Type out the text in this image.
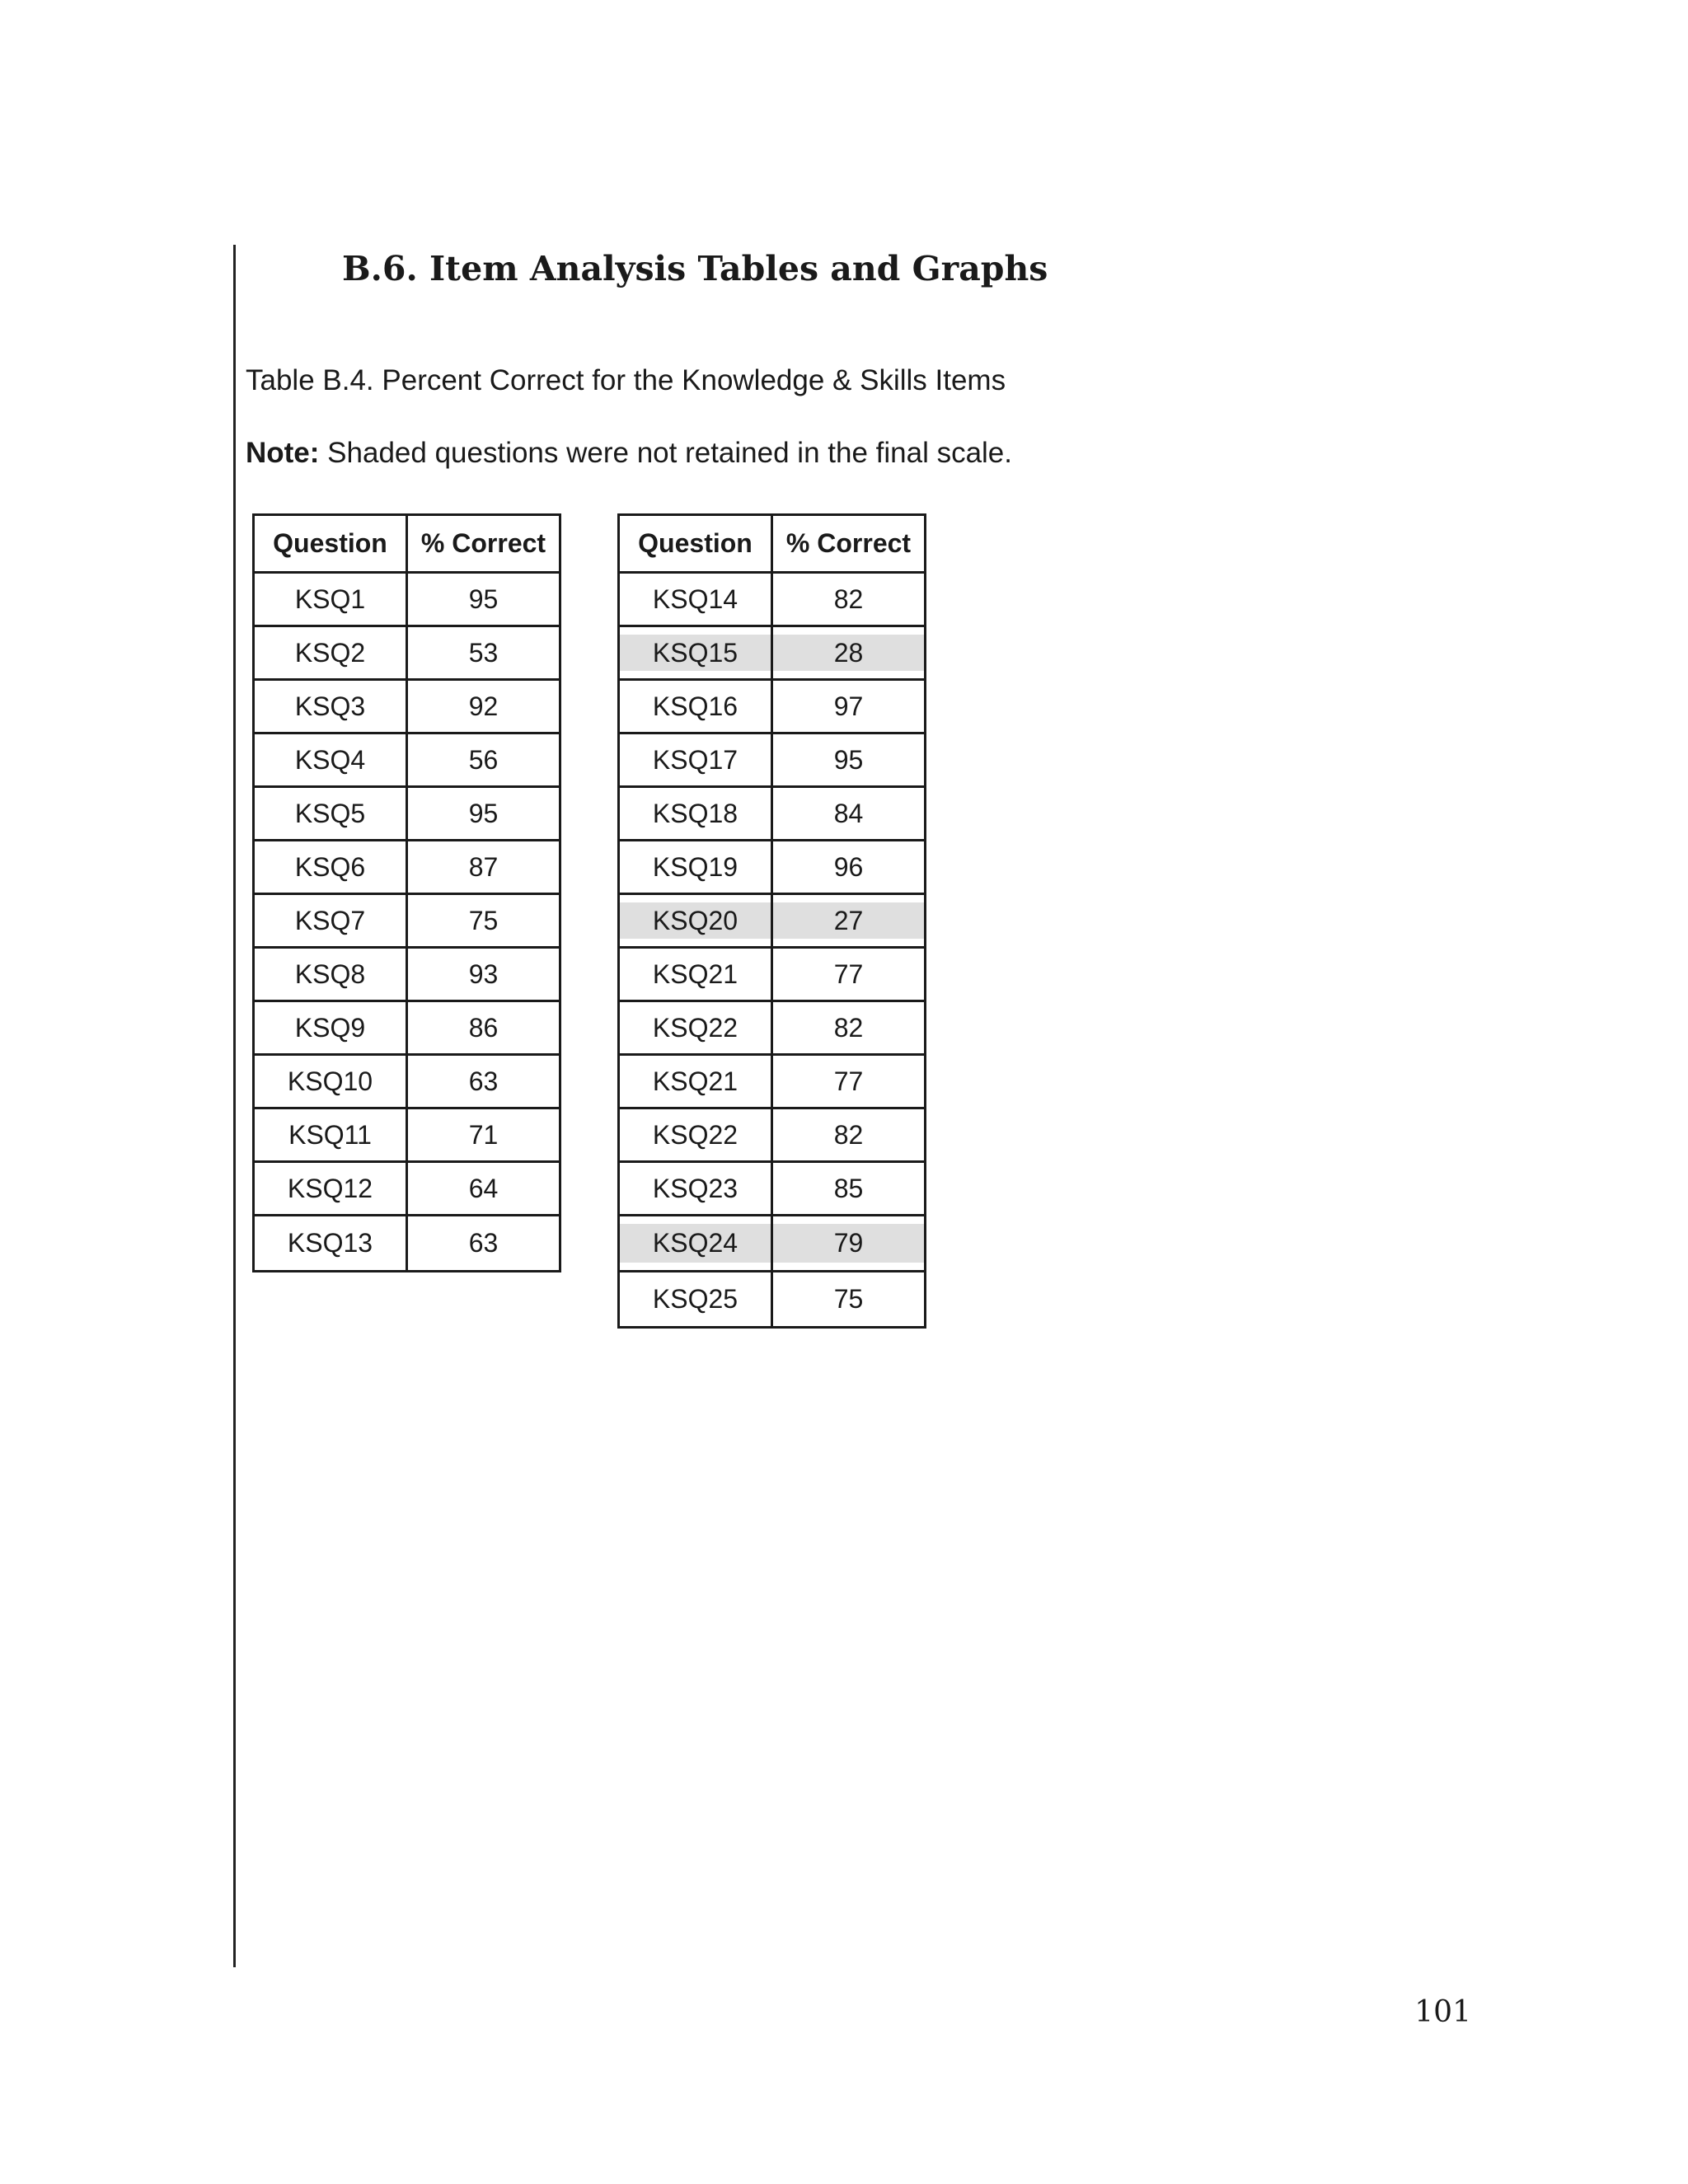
B.6. Item Analysis Tables and Graphs

Table B.4. Percent Correct for the Knowledge & Skills Items

Note: Shaded questions were not retained in the final scale.

Question	% Correct
KSQ1	95
KSQ2	53
KSQ3	92
KSQ4	56
KSQ5	95
KSQ6	87
KSQ7	75
KSQ8	93
KSQ9	86
KSQ10	63
KSQ11	71
KSQ12	64
KSQ13	63
Question	% Correct
KSQ14	82
KSQ15	28
KSQ16	97
KSQ17	95
KSQ18	84
KSQ19	96
KSQ20	27
KSQ21	77
KSQ22	82
KSQ21	77
KSQ22	82
KSQ23	85
KSQ24	79
KSQ25	75

101
